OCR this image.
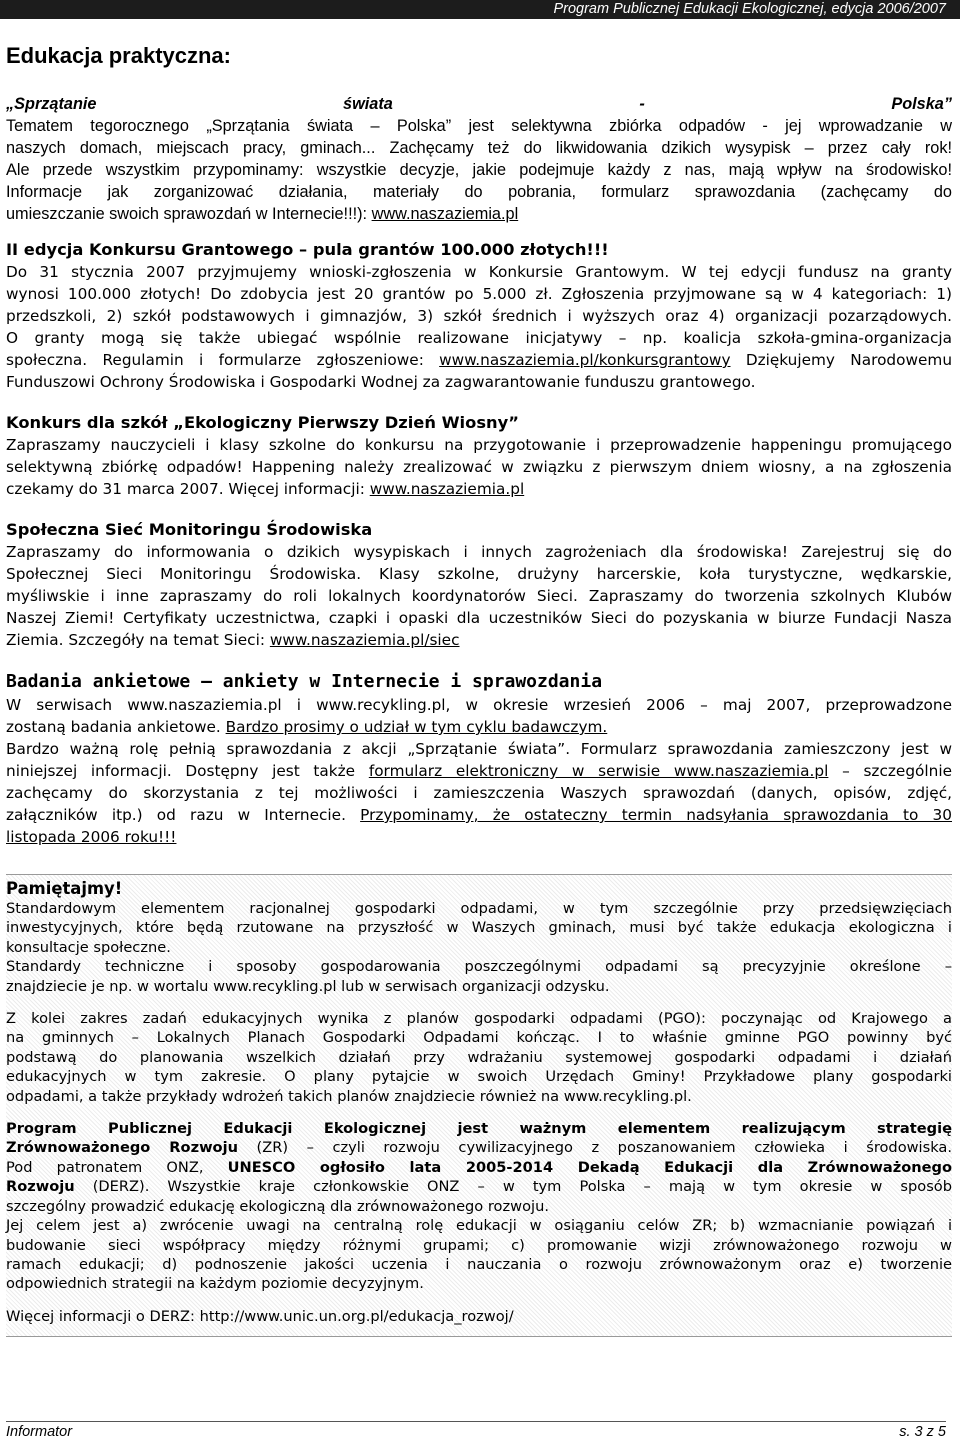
Program Publicznej Edukacji Ekologicznej, edycja 2006/2007
Edukacja praktyczna:
„Sprzątanie świata - Polska”
Tematem tegorocznego „Sprzątania świata – Polska” jest selektywna zbiórka odpadów - jej wprowadzanie w
naszych domach, miejscach pracy, gminach... Zachęcamy też do likwidowania dzikich wysypisk – przez cały rok!
Ale przede wszystkim przypominamy: wszystkie decyzje, jakie podejmuje każdy z nas, mają wpływ na środowisko!
Informacje jak zorganizować działania, materiały do pobrania, formularz sprawozdania (zachęcamy do
umieszczanie swoich sprawozdań w Internecie!!!): www.naszaziemia.pl
II edycja Konkursu Grantowego – pula grantów 100.000 złotych!!!
Do 31 stycznia 2007 przyjmujemy wnioski-zgłoszenia w Konkursie Grantowym. W tej edycji fundusz na granty
wynosi 100.000 złotych! Do zdobycia jest 20 grantów po 5.000 zł. Zgłoszenia przyjmowane są w 4 kategoriach: 1)
przedszkoli, 2) szkół podstawowych i gimnazjów, 3) szkół średnich i wyższych oraz 4) organizacji pozarządowych.
O granty mogą się także ubiegać wspólnie realizowane inicjatywy – np. koalicja szkoła-gmina-organizacja
społeczna. Regulamin i formularze zgłoszeniowe: www.naszaziemia.pl/konkursgrantowy Dziękujemy Narodowemu
Funduszowi Ochrony Środowiska i Gospodarki Wodnej za zagwarantowanie funduszu grantowego.
Konkurs dla szkół „Ekologiczny Pierwszy Dzień Wiosny”
Zapraszamy nauczycieli i klasy szkolne do konkursu na przygotowanie i przeprowadzenie happeningu promującego
selektywną zbiórkę odpadów! Happening należy zrealizować w związku z pierwszym dniem wiosny, a na zgłoszenia
czekamy do 31 marca 2007. Więcej informacji: www.naszaziemia.pl
Społeczna Sieć Monitoringu Środowiska
Zapraszamy do informowania o dzikich wysypiskach i innych zagrożeniach dla środowiska! Zarejestruj się do
Społecznej Sieci Monitoringu Środowiska. Klasy szkolne, drużyny harcerskie, koła turystyczne, wędkarskie,
myśliwskie i inne zapraszamy do roli lokalnych koordynatorów Sieci. Zapraszamy do tworzenia szkolnych Klubów
Naszej Ziemi! Certyfikaty uczestnictwa, czapki i opaski dla uczestników Sieci do pozyskania w biurze Fundacji Nasza
Ziemia. Szczegóły na temat Sieci: www.naszaziemia.pl/siec
Badania ankietowe – ankiety w Internecie i sprawozdania
W serwisach www.naszaziemia.pl i www.recykling.pl, w okresie wrzesień 2006 – maj 2007, przeprowadzone
zostaną badania ankietowe. Bardzo prosimy o udział w tym cyklu badawczym.
Bardzo ważną rolę pełnią sprawozdania z akcji „Sprzątanie świata”. Formularz sprawozdania zamieszczony jest w
niniejszej informacji. Dostępny jest także formularz elektroniczny w serwisie www.naszaziemia.pl – szczególnie
zachęcamy do skorzystania z tej możliwości i zamieszczenia Waszych sprawozdań (danych, opisów, zdjęć,
załączników itp.) od razu w Internecie. Przypominamy, że ostateczny termin nadsyłania sprawozdania to 30
listopada 2006 roku!!!
Pamiętajmy!
Standardowym elementem racjonalnej gospodarki odpadami, w tym szczególnie przy przedsięwzięciach
inwestycyjnych, które będą rzutowane na przyszłość w Waszych gminach, musi być także edukacja ekologiczna i
konsultacje społeczne.
Standardy techniczne i sposoby gospodarowania poszczególnymi odpadami są precyzyjnie określone –
znajdziecie je np. w wortalu www.recykling.pl lub w serwisach organizacji odzysku.
Z kolei zakres zadań edukacyjnych wynika z planów gospodarki odpadami (PGO): poczynając od Krajowego a
na gminnych – Lokalnych Planach Gospodarki Odpadami kończąc. I to właśnie gminne PGO powinny być
podstawą do planowania wszelkich działań przy wdrażaniu systemowej gospodarki odpadami i działań
edukacyjnych w tym zakresie. O plany pytajcie w swoich Urzędach Gminy! Przykładowe plany gospodarki
odpadami, a także przykłady wdrożeń takich planów znajdziecie również na www.recykling.pl.
Program Publicznej Edukacji Ekologicznej jest ważnym elementem realizującym strategię
Zrównoważonego Rozwoju (ZR) – czyli rozwoju cywilizacyjnego z poszanowaniem człowieka i środowiska.
Pod patronatem ONZ, UNESCO ogłosiło lata 2005-2014 Dekadą Edukacji dla Zrównoważonego
Rozwoju (DERZ). Wszystkie kraje członkowskie ONZ – w tym Polska – mają w tym okresie w sposób
szczególny prowadzić edukację ekologiczną dla zrównoważonego rozwoju.
Jej celem jest a) zwrócenie uwagi na centralną rolę edukacji w osiąganiu celów ZR; b) wzmacnianie powiązań i
budowanie sieci współpracy między różnymi grupami; c) promowanie wizji zrównoważonego rozwoju w
ramach edukacji; d) podnoszenie jakości uczenia i nauczania o rozwoju zrównoważonym oraz e) tworzenie
odpowiednich strategii na każdym poziomie decyzyjnym.
Więcej informacji o DERZ: http://www.unic.un.org.pl/edukacja_rozwoj/
Informator	s. 3 z 5
